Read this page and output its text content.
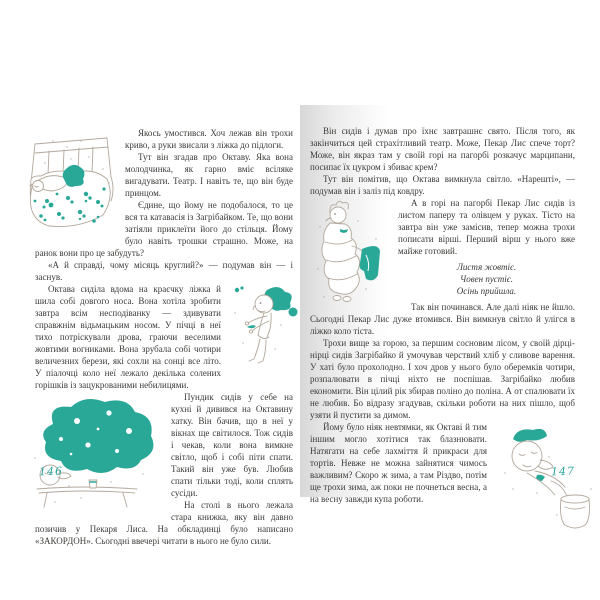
Якось умостився. Хоч лежав він трохи криво, а руки звисали з ліжка до підлоги.

Тут він згадав про Октаву. Яка вона молодчинка, як гарно вміє всіляке вигадувати. Театр. І навіть те, що він буде принцом.

Єдине, що йому не подобалося, то це вся та катавасія із Загрібайком. Те, що вони затіяли приклеїти його до стільця. Йому було навіть трошки страшно. Може, на ранок вони про це забудуть?

«А й справді, чому місяць круглий?» — подумав він — і заснув.

Октава сиділа вдома на краєчку ліжка й шила собі довгого носа. Вона хотіла зробити завтра всім несподіванку — здивувати справжнім відьмацьким носом. У пічці в неї тихо потріскували дрова, граючи веселими жовтими вогниками. Вона зрубала собі чотири величезних берези, які сохли на сонці все літо. У піалочці коло неї лежало декілька солених горішків із зацукрованими небилицями.

Пундик сидів у себе на кухні й дивився на Октавину хатку. Він бачив, що в неї у вікнах ще світилося. Тож сидів і чекав, коли вона вимкне світло, щоб і собі піти спати. Такий він уже був. Любив спати тільки тоді, коли сплять сусіди.

На столі в нього лежала стара книжка, яку він давно позичив у Пекаря Лиса. На обкладинці було написано «ЗАКОРДОН». Сьогодні ввечері читати в нього не було сили.

146

Він сидів і думав про їхнє завтрашнє свято. Після того, як закінчиться цей страхітливий театр. Може, Пекар Лис спече торт? Може, він якраз там у своїй горі на пагорбі розкачує марципани, посипає їх цукром і збиває крем?

Тут він помітив, що Октава вимкнула світло. «Нарешті», — подумав він і заліз під ковдру.

А в горі на пагорбі Пекар Лис сидів із листом паперу та олівцем у руках. Тісто на завтра він уже замісив, тепер можна трохи пописати вірші. Перший вірш у нього вже майже готовий.

Листя жовтіє.

Човен пустіє.

Осінь прийшла.

Так він починався. Але далі ніяк не йшло. Сьогодні Пекар Лис дуже втомився. Він вимкнув світло й улігся в ліжко коло тіста.

Трохи вище за горою, за першим сосновим лісом, у своїй дірці-нірці сидів Загрібайко й умочував черствий хліб у сливове варення. У хаті було прохолодно. І хоч дров у нього було оберемків чотири, розпалювати в пічці ніхто не поспішав. Загрібайко любив економити. Він цілий рік збирав поліно до поліна. А от спалювати їх не любив. Бо відразу згадував, скільки роботи на них пішло, щоб узяти й пустити за димом.

Йому було ніяк невтямки, як Октаві й тим іншим могло хотітися так блазнювати. Натягати на себе лахміття й прикраси для тортів. Невже не можна зайнятися чимось важливим? Скоро ж зима, а там Різдво, потім ще трохи зима, аж поки не почнеться весна, а на весну завжди купа роботи.

147
